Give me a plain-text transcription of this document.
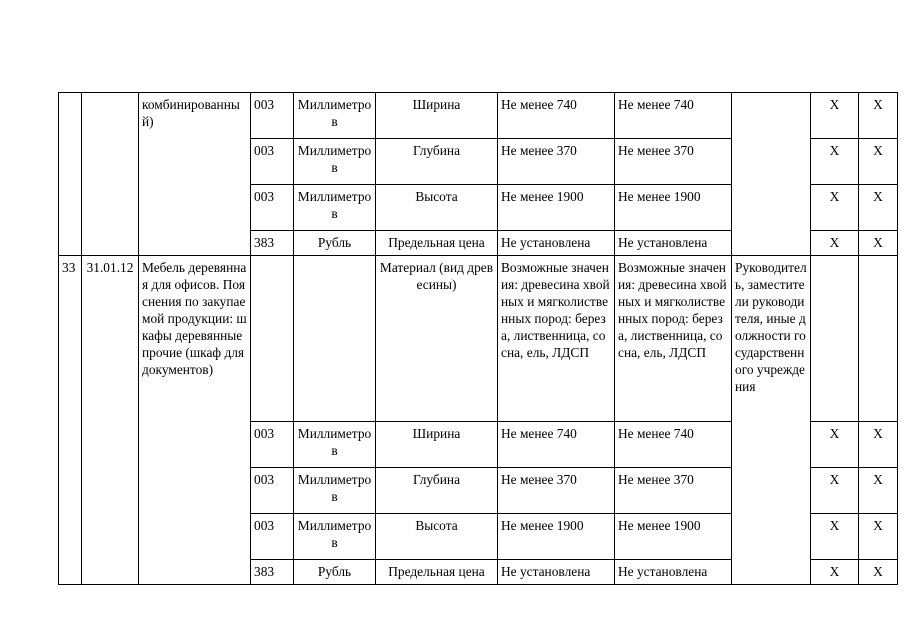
		комбинированный)	003	Миллиметров	Ширина	Не менее 740	Не менее 740		X	X
			003	Миллиметров	Глубина	Не менее 370	Не менее 370		X	X
			003	Миллиметров	Высота	Не менее 1900	Не менее 1900		X	X
			383	Рубль	Предельная цена	Не установлена	Не установлена		X	X
33	31.01.12	Мебель деревянная для офисов. Пояснения по закупаемой продукции: шкафы деревянные прочие (шкаф для документов)			Материал (вид древесины)	Возможные значения: древесина хвойных и мягколиственных пород: береза, лиственница, сосна, ель, ЛДСП	Возможные значения: древесина хвойных и мягколиственных пород: береза, лиственница, сосна, ель, ЛДСП	Руководитель, заместители руководителя, иные должности государственного учреждения		
			003	Миллиметров	Ширина	Не менее 740	Не менее 740		X	X
			003	Миллиметров	Глубина	Не менее 370	Не менее 370		X	X
			003	Миллиметров	Высота	Не менее 1900	Не менее 1900		X	X
			383	Рубль	Предельная цена	Не установлена	Не установлена		X	X
